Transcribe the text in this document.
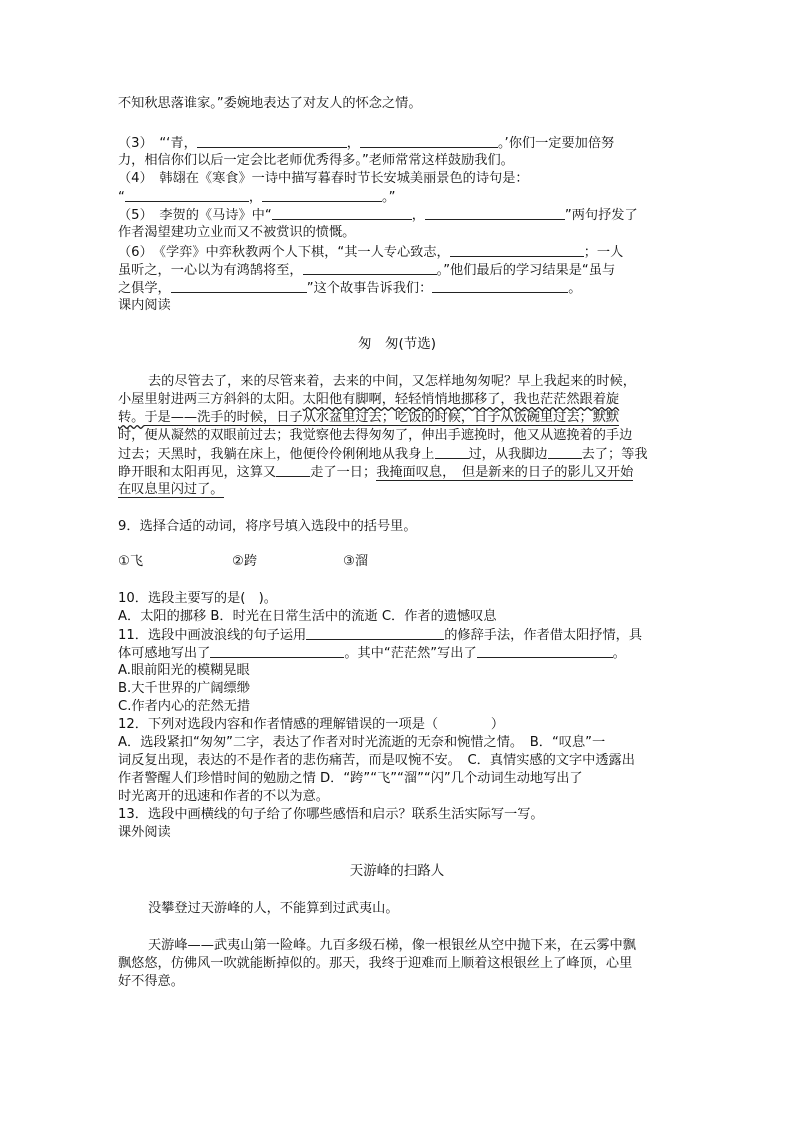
不知秋思落谁家。”委婉地表达了对友人的怀念之情。
（3）　“‘青，	，	。’你们一定要加倍努
力，相信你们以后一定会比老师优秀得多。”老师常常这样鼓励我们。
（4）　韩翃在《寒食》一诗中描写暮春时节长安城美丽景色的诗句是：
“	，	。”
（5）　李贺的《马诗》中“	，	”两句抒发了
作者渴望建功立业而又不被赏识的愤慨。
（6）　《学弈》中弈秋教两个人下棋，“其一人专心致志，	；一人
虽听之，一心以为有鸿鹄将至，	。”他们最后的学习结果是“虽与
之俱学，	”这个故事告诉我们：	。
课内阅读
匆　匆(节选)
去的尽管去了，来的尽管来着，去来的中间，又怎样地匆匆呢？早上我起来的时候，
小屋里射进两三方斜斜的太阳。太阳他有脚啊，轻轻悄悄地挪移了，我也茫茫然跟着旋
转。于是——洗手的时候，日子从水盆里过去；吃饭的时候，日子从饭碗里过去；默默
时，便从凝然的双眼前过去；我觉察他去得匆匆了，伸出手遮挽时，他又从遮挽着的手边
过去；天黑时，我躺在床上，他便伶伶俐俐地从我身上	过，从我脚边	去了；等我
睁开眼和太阳再见，这算又	走了一日；我掩面叹息，　但是新来的日子的影儿又开始
在叹息里闪过了。
9．选择合适的动词，将序号填入选段中的括号里。
①飞	②跨	③溜
10．选段主要写的是(　)。
A．太阳的挪移 B．时光在日常生活中的流逝 C．作者的遗憾叹息
11．选段中画波浪线的句子运用	的修辞手法，作者借太阳抒情，具
体可感地写出了	。其中“茫茫然”写出了	。
A.眼前阳光的模糊晃眼
B.大千世界的广阔缥缈
C.作者内心的茫然无措
12．下列对选段内容和作者情感的理解错误的一项是（　　　　）
A．选段紧扣“匆匆”二字，表达了作者对时光流逝的无奈和惋惜之情。　B．“叹息”一
词反复出现，表达的不是作者的悲伤痛苦，而是叹惋不安。　C．真情实感的文字中透露出
作者警醒人们珍惜时间的勉励之情 D．“跨”“飞”“溜”“闪”几个动词生动地写出了
时光离开的迅速和作者的不以为意。
13．选段中画横线的句子给了你哪些感悟和启示？联系生活实际写一写。
课外阅读
天游峰的扫路人
没攀登过天游峰的人，不能算到过武夷山。
天游峰——武夷山第一险峰。九百多级石梯，像一根银丝从空中抛下来，在云雾中飘
飘悠悠，仿佛风一吹就能断掉似的。那天，我终于迎难而上顺着这根银丝上了峰顶，心里
好不得意。
